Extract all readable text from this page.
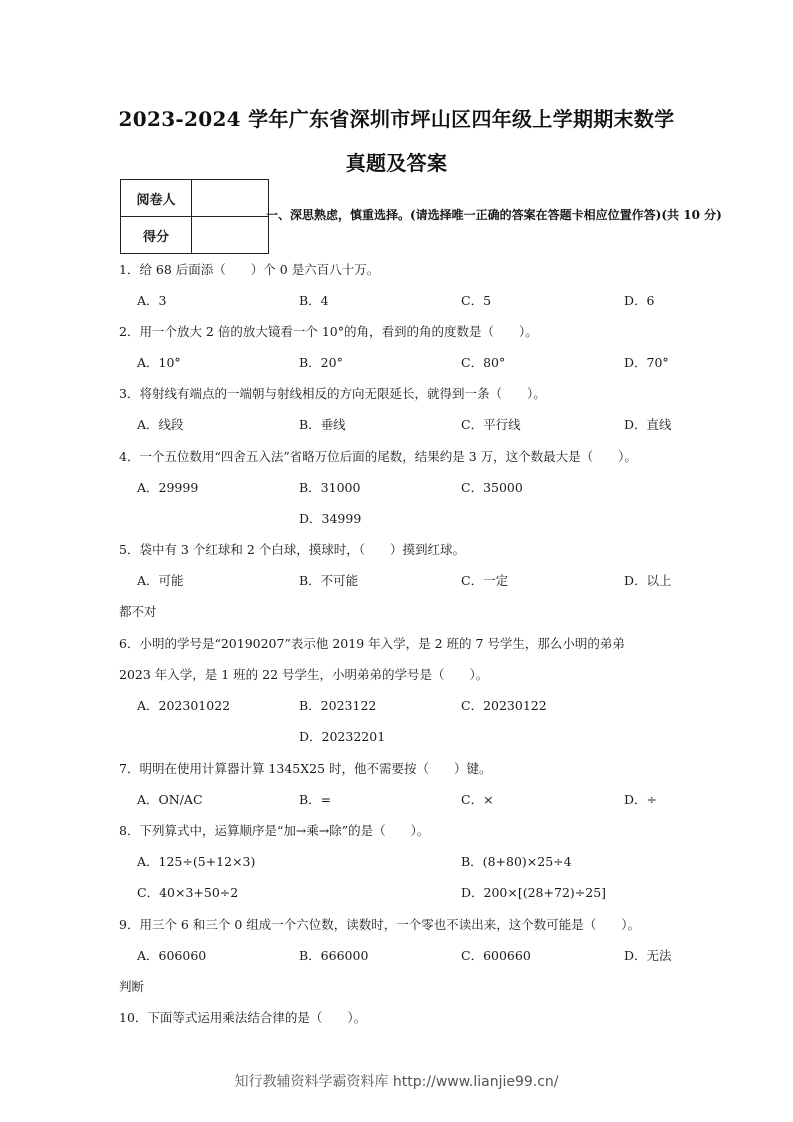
2023-2024 学年广东省深圳市坪山区四年级上学期期末数学
真题及答案
阅卷人	
得分	
一、深思熟虑，慎重选择。(请选择唯一正确的答案在答题卡相应位置作答)(共 10 分)
1．给 68 后面添（　　）个 0 是六百八十万。
A．3	B．4	C．5	D．6
2．用一个放大 2 倍的放大镜看一个 10°的角，看到的角的度数是（　　）。
A．10°	B．20°	C．80°	D．70°
3．将射线有端点的一端朝与射线相反的方向无限延长，就得到一条（　　）。
A．线段	B．垂线	C．平行线	D．直线
4．一个五位数用“四舍五入法”省略万位后面的尾数，结果约是 3 万，这个数最大是（　　）。
A．29999	B．31000	C．35000
D．34999
5．袋中有 3 个红球和 2 个白球，摸球时，（　　）摸到红球。
A．可能	B．不可能	C．一定	D．以上
都不对
6．小明的学号是“20190207”表示他 2019 年入学，是 2 班的 7 号学生，那么小明的弟弟
2023 年入学，是 1 班的 22 号学生，小明弟弟的学号是（　　）。
A．202301022	B．2023122	C．20230122
D．20232201
7．明明在使用计算器计算 1345X25 时，他不需要按（　　）键。
A．ON/AC	B．=	C．×	D．÷
8．下列算式中，运算顺序是“加→乘→除”的是（　　）。
A．125÷(5+12×3)	B．(8+80)×25÷4
C．40×3+50÷2	D．200×[(28+72)÷25]
9．用三个 6 和三个 0 组成一个六位数，读数时，一个零也不读出来，这个数可能是（　　）。
A．606060	B．666000	C．600660	D．无法
判断
10．下面等式运用乘法结合律的是（　　）。
知行教辅资料学霸资料库 http://www.lianjie99.cn/
